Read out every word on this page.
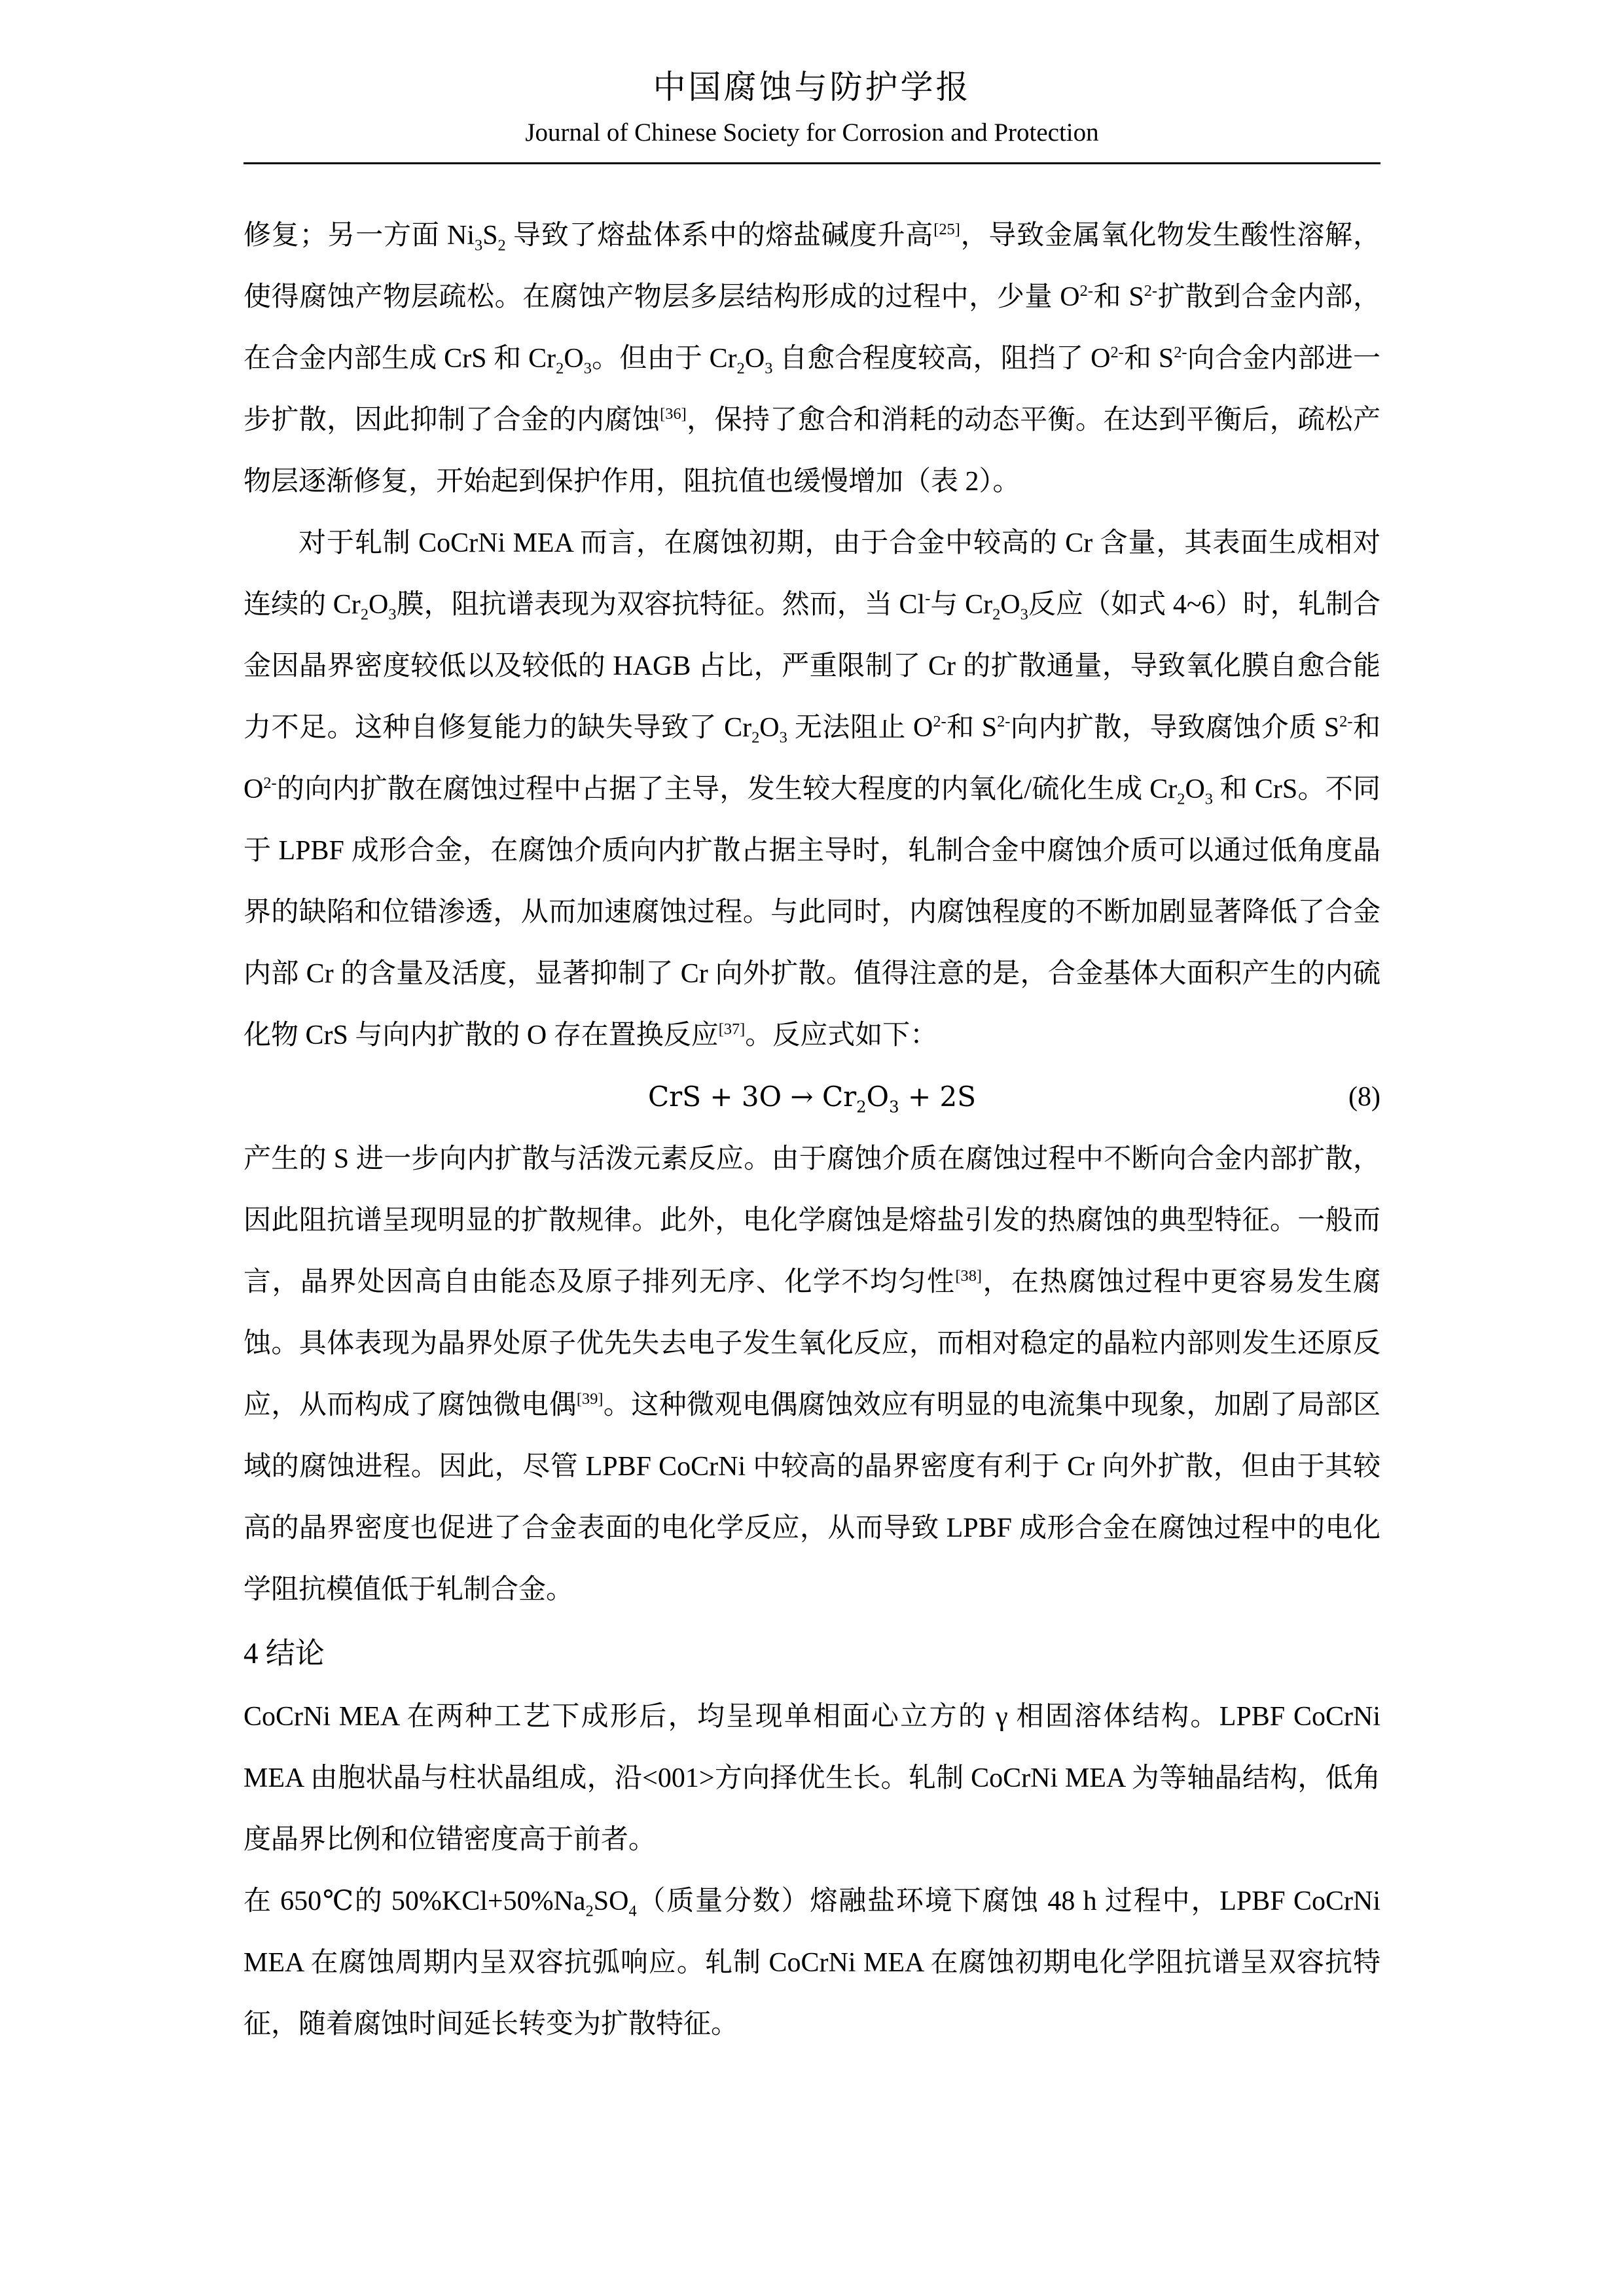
中国腐蚀与防护学报
Journal of Chinese Society for Corrosion and Protection

修复；另一方面 $Ni_3S_2$ 导致了熔盐体系中的熔盐碱度升高[25]，导致金属氧化物发生酸性溶解，使得腐蚀产物层疏松。在腐蚀产物层多层结构形成的过程中，少量 $O^{2-}$和 $S^{2-}$扩散到合金内部，在合金内部生成 CrS 和 $Cr_2O_3$。但由于 $Cr_2O_3$ 自愈合程度较高，阻挡了 $O^{2-}$和 $S^{2-}$向合金内部进一步扩散，因此抑制了合金的内腐蚀[36]，保持了愈合和消耗的动态平衡。在达到平衡后，疏松产物层逐渐修复，开始起到保护作用，阻抗值也缓慢增加（表 2）。

对于轧制 CoCrNi MEA 而言，在腐蚀初期，由于合金中较高的 Cr 含量，其表面生成相对连续的 $Cr_2O_3$膜，阻抗谱表现为双容抗特征。然而，当 Cl-与 $Cr_2O_3$反应（如式 4~6）时，轧制合金因晶界密度较低以及较低的 HAGB 占比，严重限制了 Cr 的扩散通量，导致氧化膜自愈合能力不足。这种自修复能力的缺失导致了 $Cr_2O_3$ 无法阻止 $O^{2-}$和 $S^{2-}$向内扩散，导致腐蚀介质 $S^{2-}$和 $O^{2-}$的向内扩散在腐蚀过程中占据了主导，发生较大程度的内氧化/硫化生成 $Cr_2O_3$ 和 CrS。不同于 LPBF 成形合金，在腐蚀介质向内扩散占据主导时，轧制合金中腐蚀介质可以通过低角度晶界的缺陷和位错渗透，从而加速腐蚀过程。与此同时，内腐蚀程度的不断加剧显著降低了合金内部 Cr 的含量及活度，显著抑制了 Cr 向外扩散。值得注意的是，合金基体大面积产生的内硫化物 CrS 与向内扩散的 O 存在置换反应[37]。反应式如下：

CrS + $3O \to Cr_2O_3 + 2S$	(8)

产生的 S 进一步向内扩散与活泼元素反应。由于腐蚀介质在腐蚀过程中不断向合金内部扩散，因此阻抗谱呈现明显的扩散规律。此外，电化学腐蚀是熔盐引发的热腐蚀的典型特征。一般而言，晶界处因高自由能态及原子排列无序、化学不均匀性[38]，在热腐蚀过程中更容易发生腐蚀。具体表现为晶界处原子优先失去电子发生氧化反应，而相对稳定的晶粒内部则发生还原反应，从而构成了腐蚀微电偶[39]。这种微观电偶腐蚀效应有明显的电流集中现象，加剧了局部区域的腐蚀进程。因此，尽管 LPBF CoCrNi 中较高的晶界密度有利于 Cr 向外扩散，但由于其较高的晶界密度也促进了合金表面的电化学反应，从而导致 LPBF 成形合金在腐蚀过程中的电化学阻抗模值低于轧制合金。

4 结论

CoCrNi MEA 在两种工艺下成形后，均呈现单相面心立方的 γ 相固溶体结构。LPBF CoCrNi MEA 由胞状晶与柱状晶组成，沿<001>方向择优生长。轧制 CoCrNi MEA 为等轴晶结构，低角度晶界比例和位错密度高于前者。

在 650℃的 $50\%KCl+50\%Na_2SO_4$（质量分数）熔融盐环境下腐蚀 48 h 过程中，LPBF CoCrNi MEA 在腐蚀周期内呈双容抗弧响应。轧制 CoCrNi MEA 在腐蚀初期电化学阻抗谱呈双容抗特征，随着腐蚀时间延长转变为扩散特征。
